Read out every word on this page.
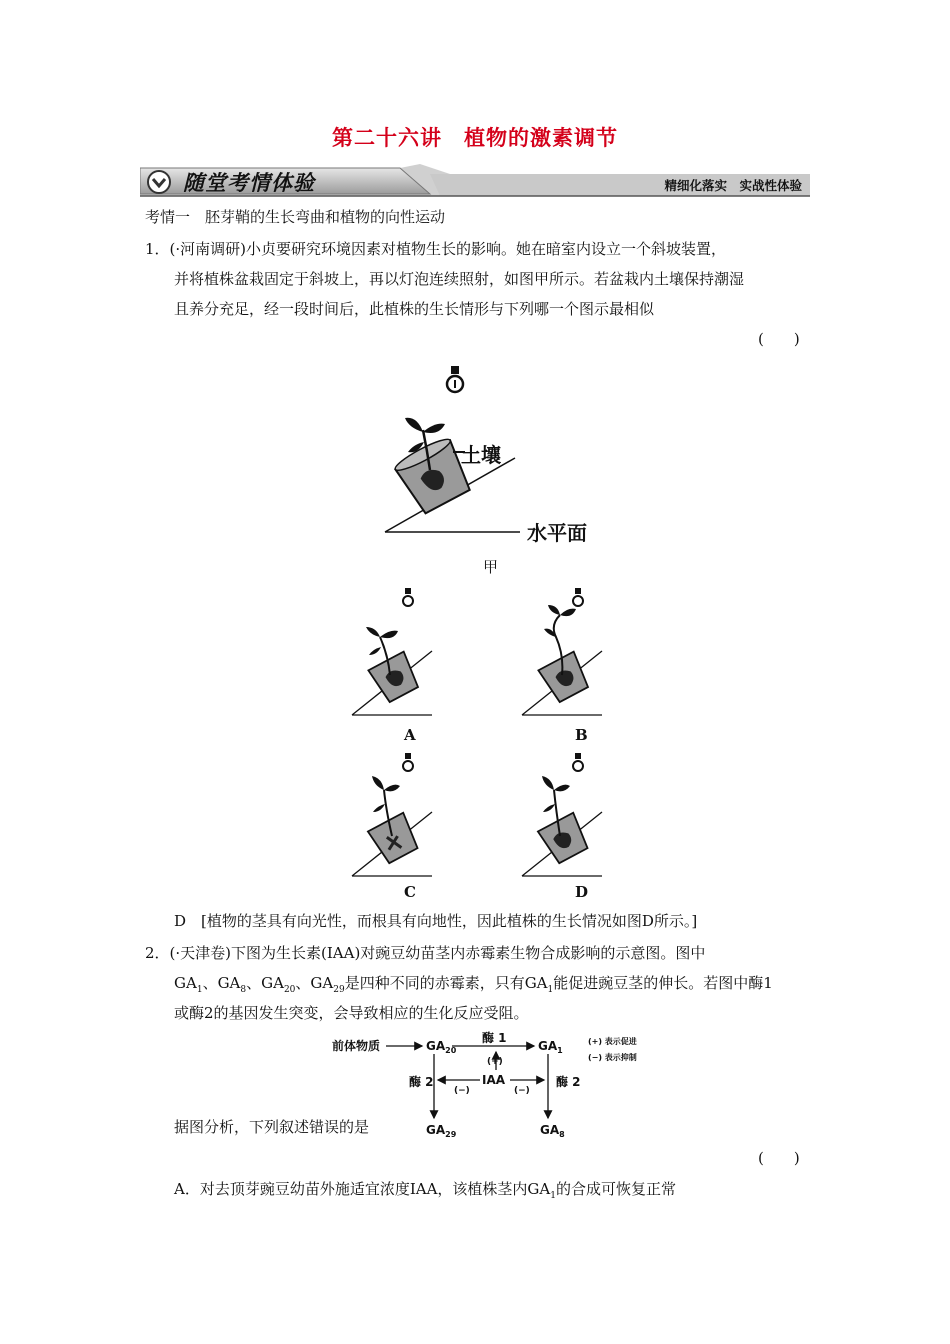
第二十六讲　植物的激素调节
随堂考情体验	精细化落实　实战性体验
考情一　胚芽鞘的生长弯曲和植物的向性运动
1．(·河南调研)小贞要研究环境因素对植物生长的影响。她在暗室内设立一个斜坡装置，
并将植株盆栽固定于斜坡上，再以灯泡连续照射，如图甲所示。若盆栽内土壤保持潮湿
且养分充足，经一段时间后，此植株的生长情形与下列哪一个图示最相似
(　　)
土壤
水平面
甲
A	B
C	D
D　[植物的茎具有向光性，而根具有向地性，因此植株的生长情况如图D所示。]
2．(·天津卷)下图为生长素(IAA)对豌豆幼苗茎内赤霉素生物合成影响的示意图。图中
$GA_1$、$GA_8$、$GA_{20}$、$GA_{29}$是四种不同的赤霉素，只有$GA_1$能促进豌豆茎的伸长。若图中酶1
或酶2的基因发生突变，会导致相应的生化反应受阻。
前体物质	$GA_{20}$	$GA_1$
酶 1
(+)
IAA
酶 2	酶 2
(−)	(−)
$GA_{29}$	$GA_8$
(+) 表示促进
(−) 表示抑制
据图分析，下列叙述错误的是
(　　)
A．对去顶芽豌豆幼苗外施适宜浓度IAA，该植株茎内$GA_1$的合成可恢复正常
